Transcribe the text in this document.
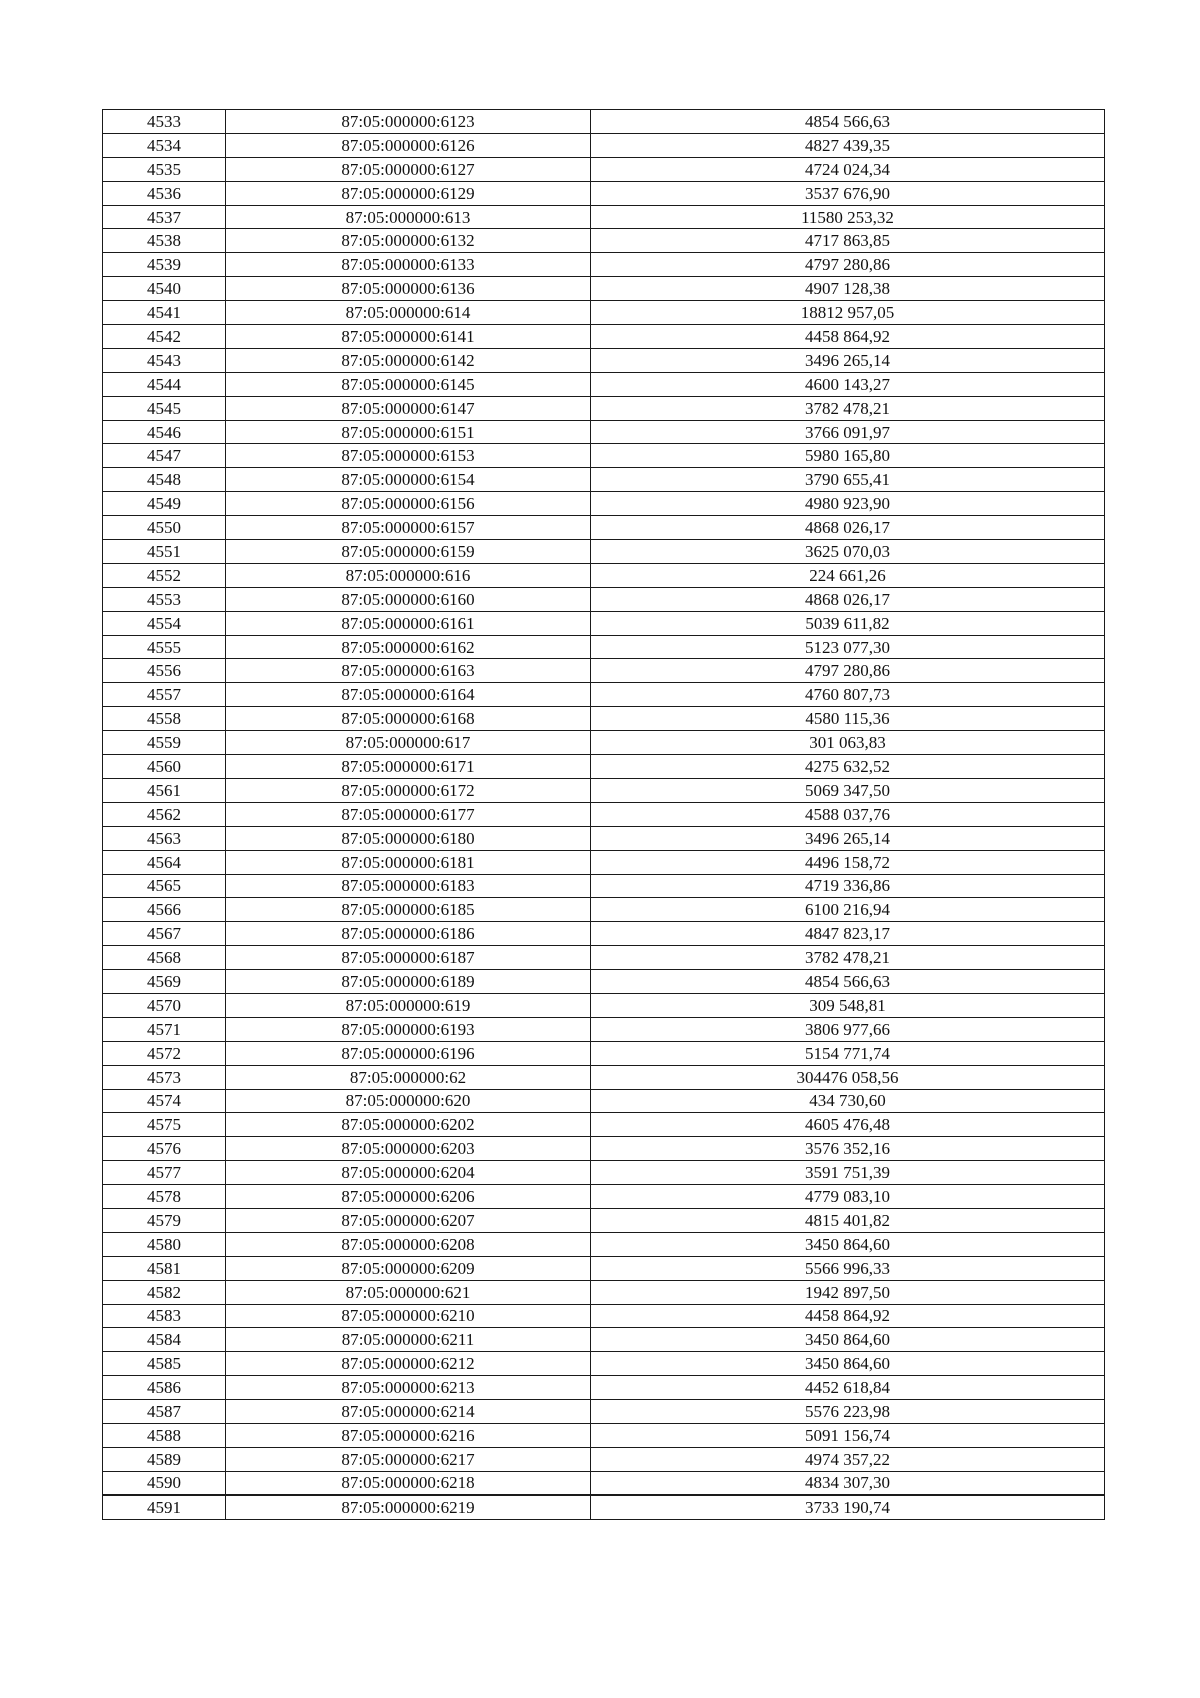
4533	87:05:000000:6123	4854 566,63
4534	87:05:000000:6126	4827 439,35
4535	87:05:000000:6127	4724 024,34
4536	87:05:000000:6129	3537 676,90
4537	87:05:000000:613	11580 253,32
4538	87:05:000000:6132	4717 863,85
4539	87:05:000000:6133	4797 280,86
4540	87:05:000000:6136	4907 128,38
4541	87:05:000000:614	18812 957,05
4542	87:05:000000:6141	4458 864,92
4543	87:05:000000:6142	3496 265,14
4544	87:05:000000:6145	4600 143,27
4545	87:05:000000:6147	3782 478,21
4546	87:05:000000:6151	3766 091,97
4547	87:05:000000:6153	5980 165,80
4548	87:05:000000:6154	3790 655,41
4549	87:05:000000:6156	4980 923,90
4550	87:05:000000:6157	4868 026,17
4551	87:05:000000:6159	3625 070,03
4552	87:05:000000:616	224 661,26
4553	87:05:000000:6160	4868 026,17
4554	87:05:000000:6161	5039 611,82
4555	87:05:000000:6162	5123 077,30
4556	87:05:000000:6163	4797 280,86
4557	87:05:000000:6164	4760 807,73
4558	87:05:000000:6168	4580 115,36
4559	87:05:000000:617	301 063,83
4560	87:05:000000:6171	4275 632,52
4561	87:05:000000:6172	5069 347,50
4562	87:05:000000:6177	4588 037,76
4563	87:05:000000:6180	3496 265,14
4564	87:05:000000:6181	4496 158,72
4565	87:05:000000:6183	4719 336,86
4566	87:05:000000:6185	6100 216,94
4567	87:05:000000:6186	4847 823,17
4568	87:05:000000:6187	3782 478,21
4569	87:05:000000:6189	4854 566,63
4570	87:05:000000:619	309 548,81
4571	87:05:000000:6193	3806 977,66
4572	87:05:000000:6196	5154 771,74
4573	87:05:000000:62	304476 058,56
4574	87:05:000000:620	434 730,60
4575	87:05:000000:6202	4605 476,48
4576	87:05:000000:6203	3576 352,16
4577	87:05:000000:6204	3591 751,39
4578	87:05:000000:6206	4779 083,10
4579	87:05:000000:6207	4815 401,82
4580	87:05:000000:6208	3450 864,60
4581	87:05:000000:6209	5566 996,33
4582	87:05:000000:621	1942 897,50
4583	87:05:000000:6210	4458 864,92
4584	87:05:000000:6211	3450 864,60
4585	87:05:000000:6212	3450 864,60
4586	87:05:000000:6213	4452 618,84
4587	87:05:000000:6214	5576 223,98
4588	87:05:000000:6216	5091 156,74
4589	87:05:000000:6217	4974 357,22
4590	87:05:000000:6218	4834 307,30
4591	87:05:000000:6219	3733 190,74
